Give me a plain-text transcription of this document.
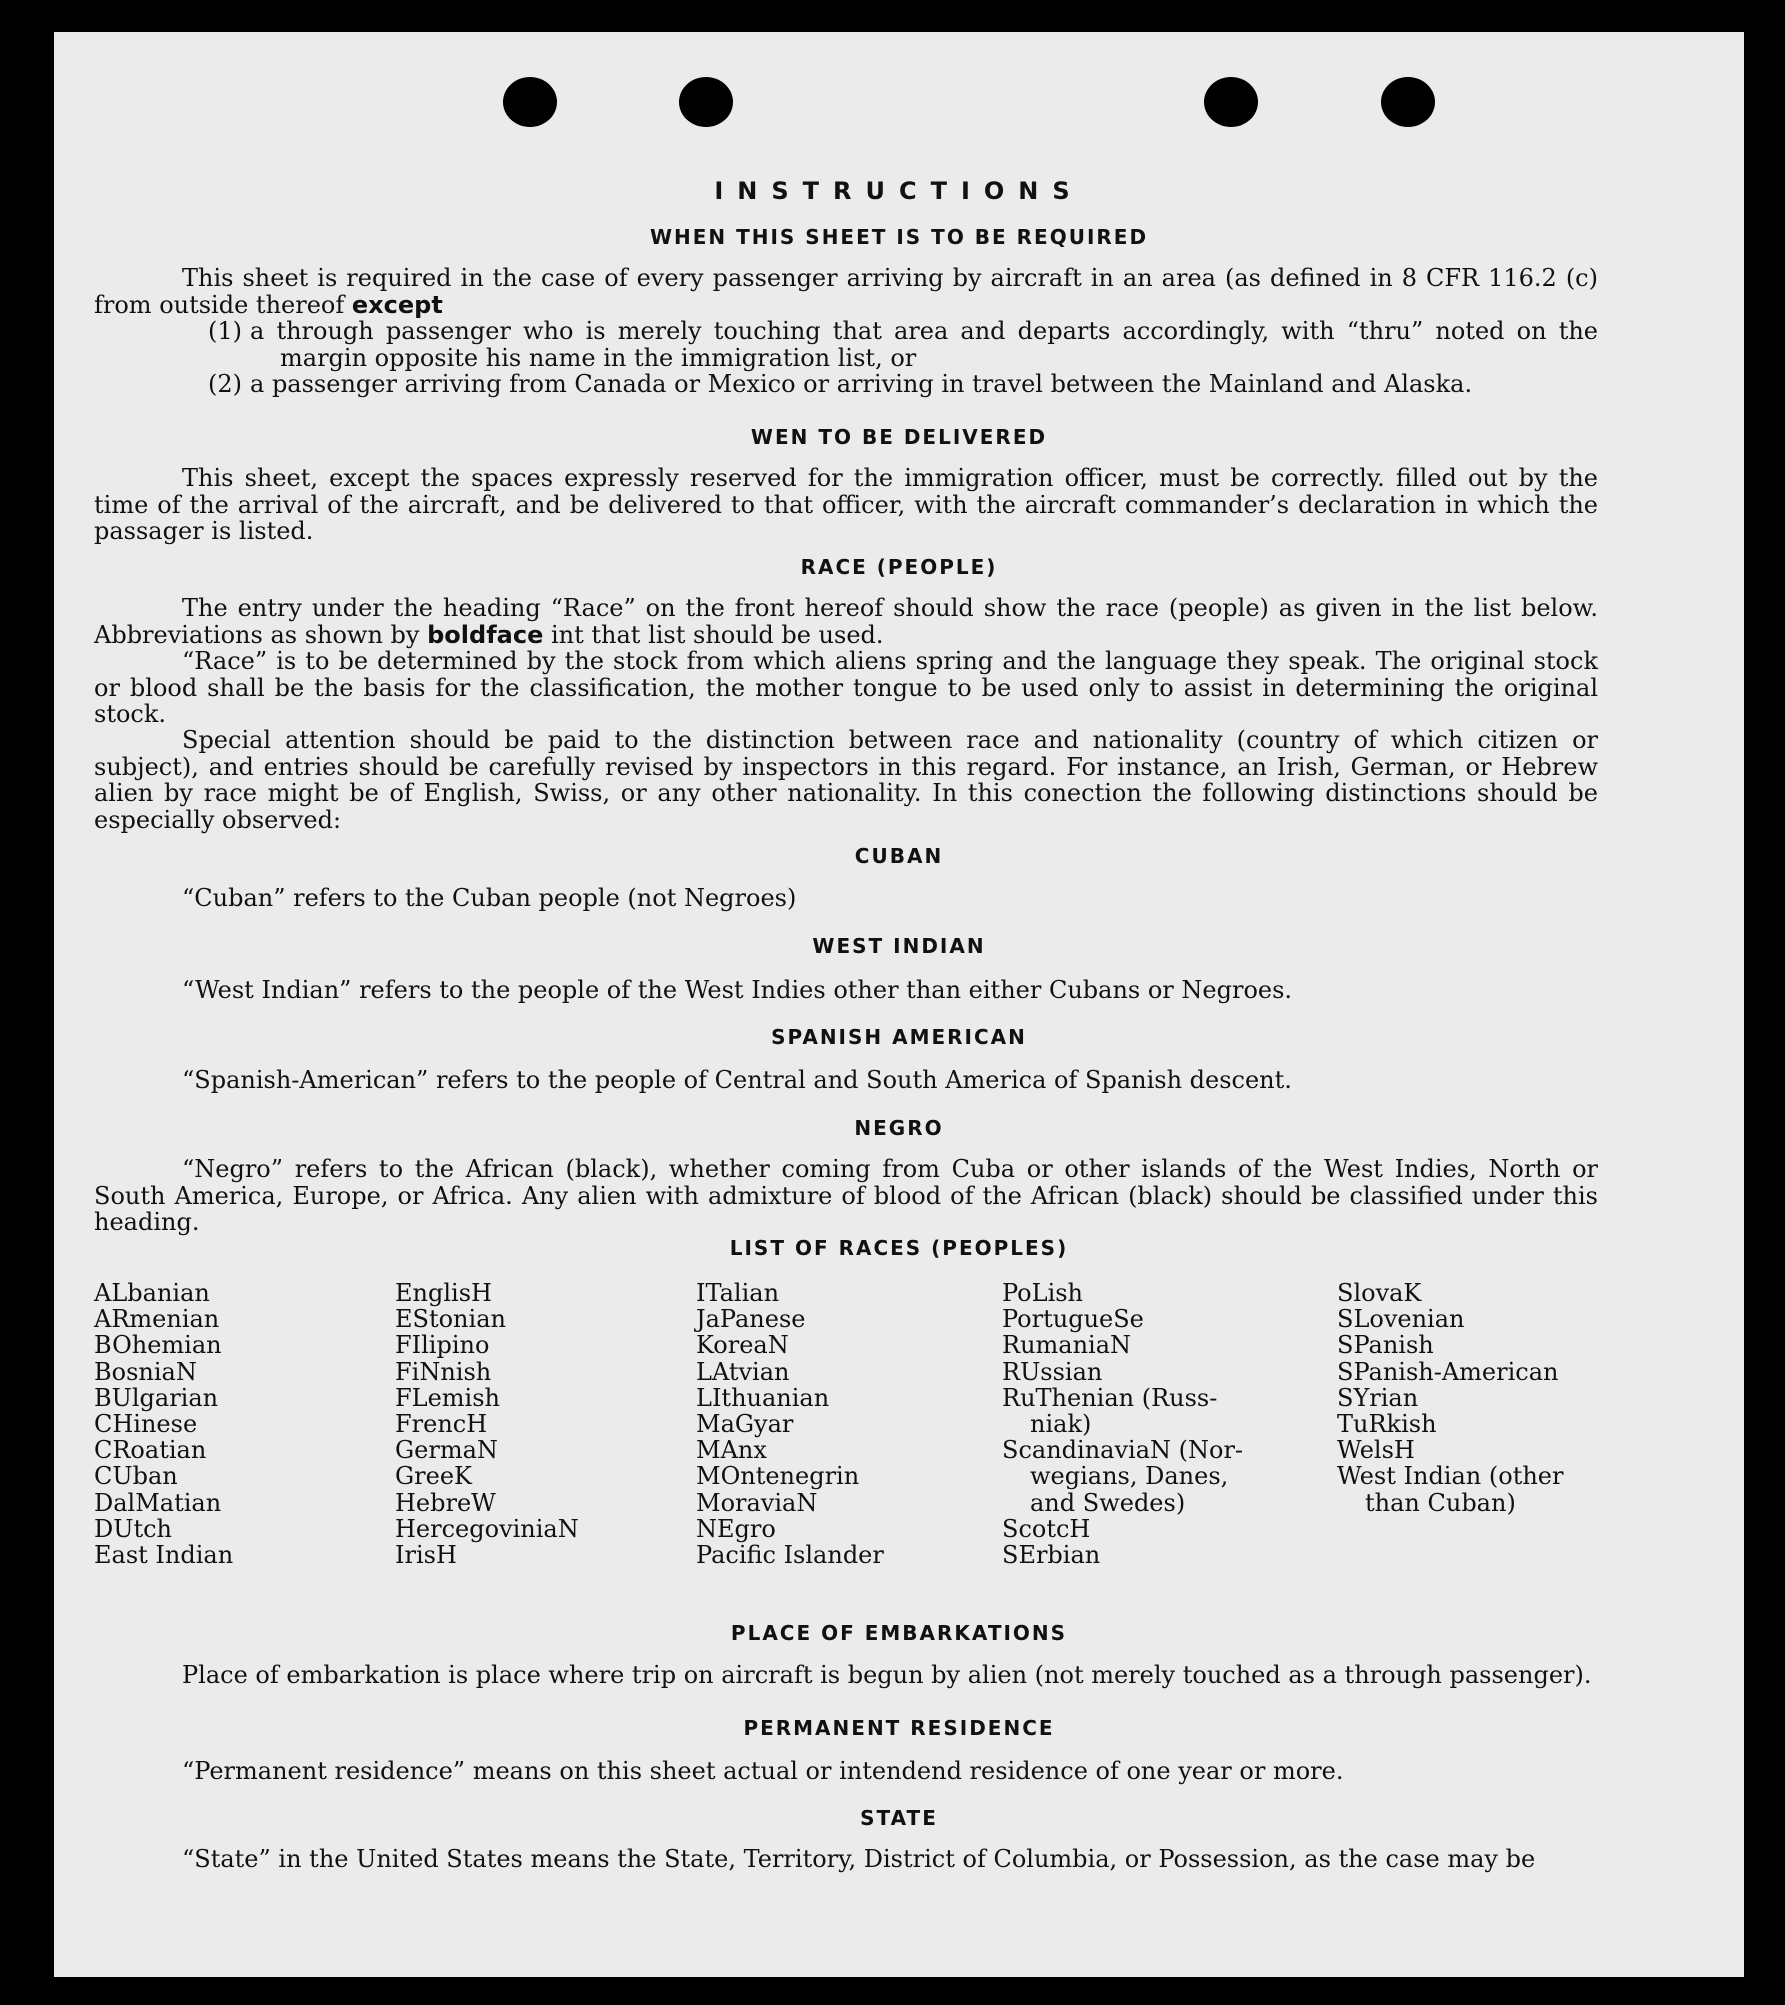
INSTRUCTIONS
WHEN THIS SHEET IS TO BE REQUIRED
This sheet is required in the case of every passenger arriving by aircraft in an area (as defined in 8 CFR 116.2 (c) from outside thereof except
(1) a through passenger who is merely touching that area and departs accordingly, with “thru” noted on the margin opposite his name in the immigration list, or
(2) a passenger arriving from Canada or Mexico or arriving in travel between the Mainland and Alaska.
WEN TO BE DELIVERED
This sheet, except the spaces expressly reserved for the immigration officer, must be correctly. filled out by the time of the arrival of the aircraft, and be delivered to that officer, with the aircraft commander’s declaration in which the passager is listed.
RACE (PEOPLE)
The entry under the heading “Race” on the front hereof should show the race (people) as given in the list below. Abbreviations as shown by boldface int that list should be used.
“Race” is to be determined by the stock from which aliens spring and the language they speak. The original stock or blood shall be the basis for the classification, the mother tongue to be used only to assist in determining the original stock.
Special attention should be paid to the distinction between race and nationality (country of which citizen or subject), and entries should be carefully revised by inspectors in this regard. For instance, an Irish, German, or Hebrew alien by race might be of English, Swiss, or any other nationality. In this conection the following distinctions should be especially observed:
CUBAN
“Cuban” refers to the Cuban people (not Negroes)
WEST INDIAN
“West Indian” refers to the people of the West Indies other than either Cubans or Negroes.
SPANISH AMERICAN
“Spanish-American” refers to the people of Central and South America of Spanish descent.
NEGRO
“Negro” refers to the African (black), whether coming from Cuba or other islands of the West Indies, North or South America, Europe, or Africa. Any alien with admixture of blood of the African (black) should be classified under this heading.
LIST OF RACES (PEOPLES)
ALbanian
ARmenian
BOhemian
BosniaN
BUlgarian
CHinese
CRoatian
CUban
DalMatian
DUtch
East Indian
EnglisH
EStonian
FIlipino
FiNnish
FLemish
FrencH
GermaN
GreeK
HebreW
HercegoviniaN
IrisH
ITalian
JaPanese
KoreaN
LAtvian
LIthuanian
MaGyar
MAnx
MOntenegrin
MoraviaN
NEgro
Pacific Islander
PoLish
PortugueSe
RumaniaN
RUssian
RuThenian (Russ-
niak)
ScandinaviaN (Nor-
wegians, Danes,
and Swedes)
ScotcH
SErbian
SlovaK
SLovenian
SPanish
SPanish-American
SYrian
TuRkish
WelsH
West Indian (other
than Cuban)
PLACE OF EMBARKATIONS
Place of embarkation is place where trip on aircraft is begun by alien (not merely touched as a through passenger).
PERMANENT RESIDENCE
“Permanent residence” means on this sheet actual or intendend residence of one year or more.
STATE
“State” in the United States means the State, Territory, District of Columbia, or Possession, as the case may be
